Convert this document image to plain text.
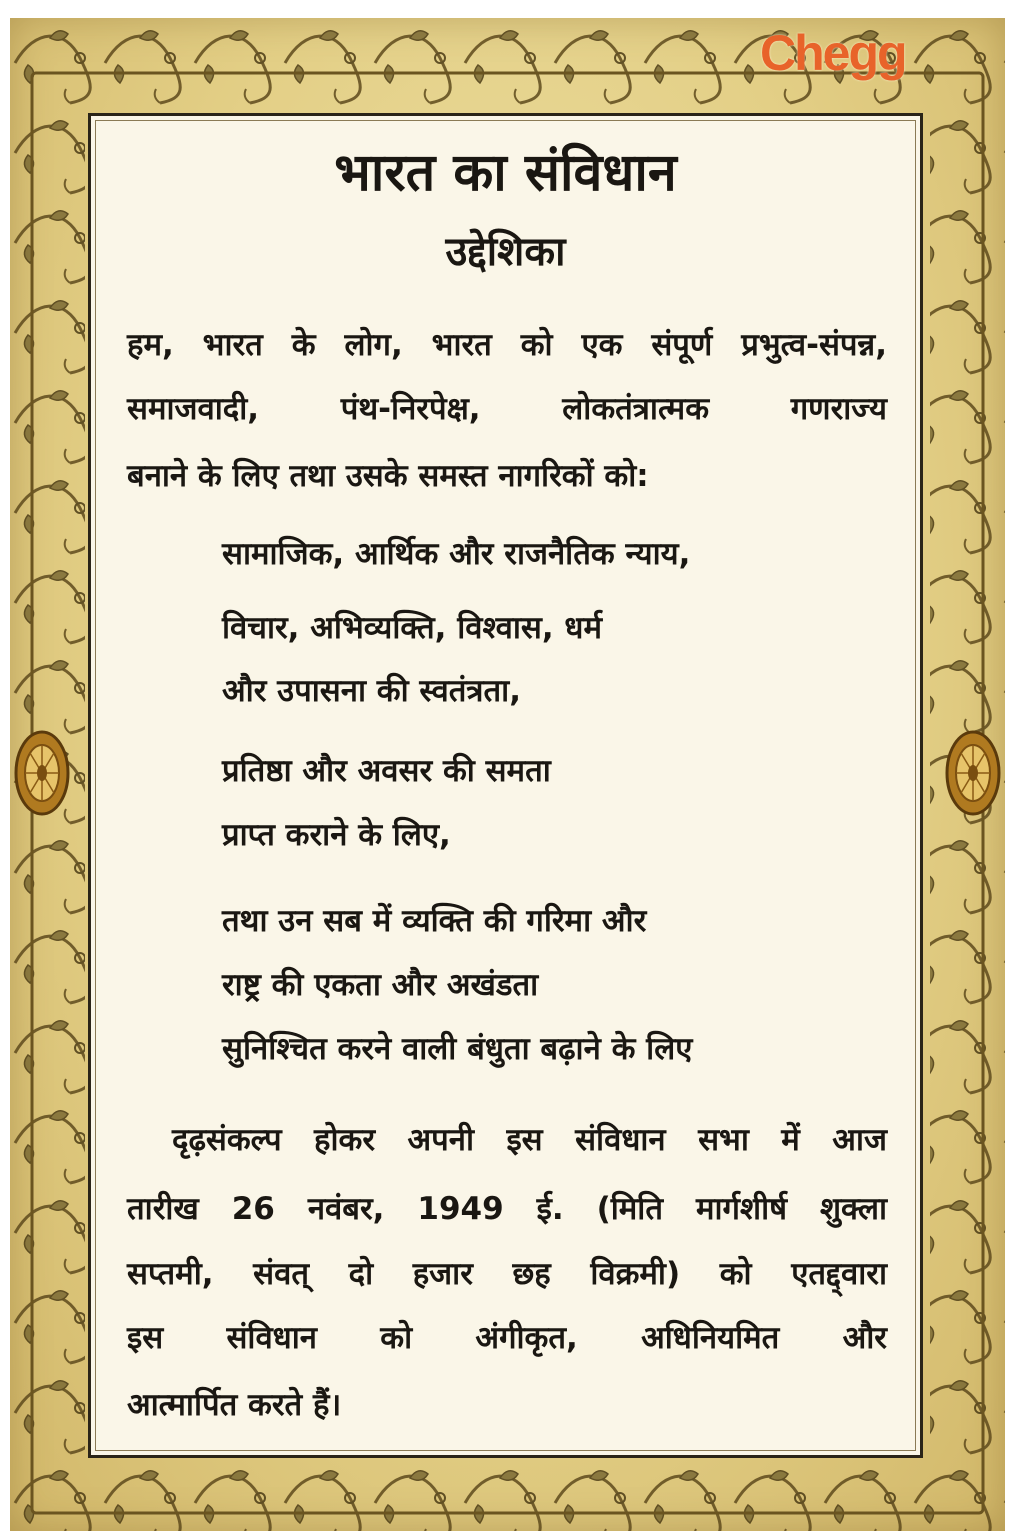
Chegg
भारत का संविधान
उद्देशिका
हम, भारत के लोग, भारत को एक संपूर्ण प्रभुत्व-संपन्न,
समाजवादी, पंथ-निरपेक्ष, लोकतंत्रात्मक गणराज्य
बनाने के लिए तथा उसके समस्त नागरिकों को:
सामाजिक, आर्थिक और राजनैतिक न्याय,
विचार, अभिव्यक्ति, विश्वास, धर्म
और उपासना की स्वतंत्रता,
प्रतिष्ठा और अवसर की समता
प्राप्त कराने के लिए,
तथा उन सब में व्यक्ति की गरिमा और
राष्ट्र की एकता और अखंडता
सुनिश्चित करने वाली बंधुता बढ़ाने के लिए
दृढ़संकल्प होकर अपनी इस संविधान सभा में आज
तारीख 26 नवंबर, 1949 ई. (मिति मार्गशीर्ष शुक्ला
सप्तमी, संवत् दो हजार छह विक्रमी) को एतद्द्वारा
इस संविधान को अंगीकृत, अधिनियमित और
आत्मार्पित करते हैं।
